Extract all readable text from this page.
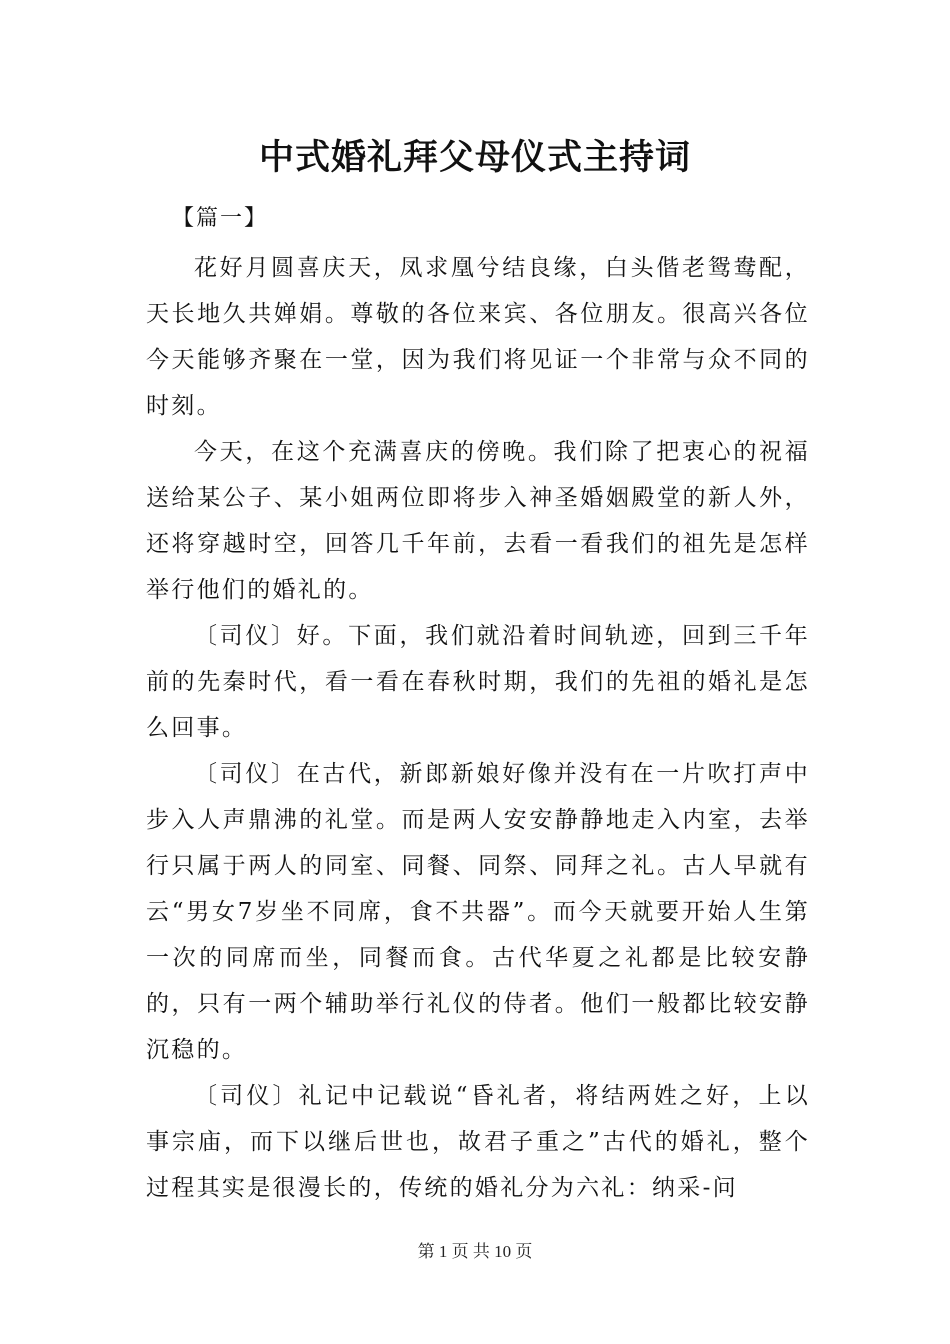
中式婚礼拜父母仪式主持词
【篇一】

花好月圆喜庆天，凤求凰兮结良缘，白头偕老鸳鸯配，天长地久共婵娟。尊敬的各位来宾、各位朋友。很高兴各位今天能够齐聚在一堂，因为我们将见证一个非常与众不同的时刻。

今天，在这个充满喜庆的傍晚。我们除了把衷心的祝福送给某公子、某小姐两位即将步入神圣婚姻殿堂的新人外，还将穿越时空，回答几千年前，去看一看我们的祖先是怎样举行他们的婚礼的。

〔司仪〕好。下面，我们就沿着时间轨迹，回到三千年前的先秦时代，看一看在春秋时期，我们的先祖的婚礼是怎么回事。

〔司仪〕在古代，新郎新娘好像并没有在一片吹打声中步入人声鼎沸的礼堂。而是两人安安静静地走入内室，去举行只属于两人的同室、同餐、同祭、同拜之礼。古人早就有云“男女7岁坐不同席，食不共器”。而今天就要开始人生第一次的同席而坐，同餐而食。古代华夏之礼都是比较安静的，只有一两个辅助举行礼仪的侍者。他们一般都比较安静沉稳的。

〔司仪〕礼记中记载说“昏礼者，将结两姓之好，上以事宗庙，而下以继后世也，故君子重之”古代的婚礼，整个过程其实是很漫长的，传统的婚礼分为六礼：纳采-问

第 1 页 共 10 页
